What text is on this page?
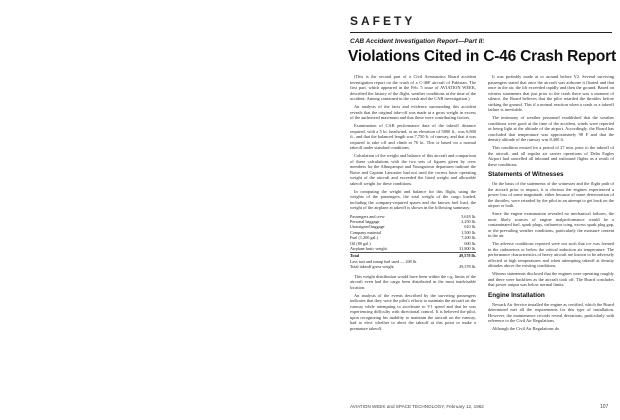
SAFETY
CAB Accident Investigation Report—Part II:
Violations Cited in C-46 Crash Report

(This is the second part of a Civil Aeronautics Board accident investigation report on the crash of a C-46F aircraft of Pakistan. The first part, which appeared in the Feb. 5 issue of AVIATION WEEK, described the history of the flight, weather conditions at the time of the accident. Among contained in the crash and the CAB investigation.)

An analysis of the facts and evidence surrounding this accident reveals that the original take-off was made at a gross weight in excess of the authorized maximum and that these were contributing factors.

Examination of CAB performance data of the takeoff distance required, with a 5 kt. headwind, at an elevation of 5800 ft., was 6,800 ft., and that the balanced length was 7,750 ft. of runway, and that it was required to take off and climb at 76 kt. This is based on a normal takeoff under standard conditions.

Calculation of the weight and balance of this aircraft and comparison of these calculations with the two sets of figures given by crew members for the Albuquerque and Youngstown departures indicate the Boise and Captain Lancaster had not used the correct basic operating weight of the aircraft and exceeded the listed weight and allowable takeoff weight for these conditions.

In computing the weight and balance for this flight, using the weights of the passengers, the total weight of the cargo loaded, including the company-required spares and the known fuel load, the weight of the airplane at takeoff is shown in the following summary:

Passengers and crew	5,618 lb.
Personal baggage	2,250 lb.
Unassigned baggage	610 lb.
Company material	1,500 lb.
Fuel (1,200 gal.)	7,200 lb.
Oil (80 gal.)	600 lb.
Airplane basic weight	31,800 lb.
Total	49,578 lb.
Less taxi and runup fuel used — 200 lb.
Total takeoff gross weight	49,378 lb.

This weight distribution would have been within the c.g. limits of the aircraft even had the cargo been distributed in the most inadvisable location.

An analysis of the events described by the surviving passengers indicates that they were the pilot's efforts to maintain the aircraft on the runway while attempting to accelerate to V1 speed and that he was experiencing difficulty with directional control. It is believed the pilot, upon recognizing his inability to maintain the aircraft on the runway, had to elect whether to abort the takeoff at this point or make a premature takeoff.

It was probably made at or around before V2. Several surviving passengers stated that once the aircraft was airborne it floated and that once in the air, the lift exceeded rapidly and then the ground. Based on witness statements that just prior to the crash there was a moment of silence, the Board believes that the pilot retarded the throttles before striking the ground. This if a normal reaction when a crash or a takeoff failure is inevitable.

The testimony of weather personnel established that the weather conditions were good at the time of the accident, winds were reported as being light at the altitude of the airport. Accordingly, the Board has concluded that temperature was approximately 98 F and that the density altitude of the runway was 8,400 ft.

This condition existed for a period of 27 min. prior to the takeoff of the aircraft, and all regular air carrier operations of Delta Eagles Airport had cancelled all inbound and outbound flights as a result of these conditions.

Statements of Witnesses

On the basis of the statements of the witnesses and the flight path of the aircraft prior to impact, it is obvious the engines experienced a power loss of some magnitude, either because of some deterioration of the throttles, were retarded by the pilot in an attempt to get back on the airport or both.

Since the engine examination revealed no mechanical failures, the most likely sources of engine malperformance would be a contaminated fuel, spark plugs, carburetor icing, excess spark plug gap, or the prevailing weather conditions, particularly the moisture content in the air.

The adverse conditions reported were not such that ice was formed in the carburetors or below the critical induction air temperature. The performance characteristics of heavy aircraft are known to be adversely affected at high temperatures and when attempting takeoff at density altitudes above the existing conditions.

Witness statements disclosed that the engines were operating roughly and there were backfires as the aircraft took off. The Board concludes that power output was below normal limits.

Engine Installation

Newark Air Service installed the engine as certified, which the Board determined met all the requirements for this type of installation. However, the maintenance records reveal deviations, particularly with reference to the Civil Air Regulations.

Although the Civil Air Regulations do

AVIATION WEEK and SPACE TECHNOLOGY, February 12, 1962	107
